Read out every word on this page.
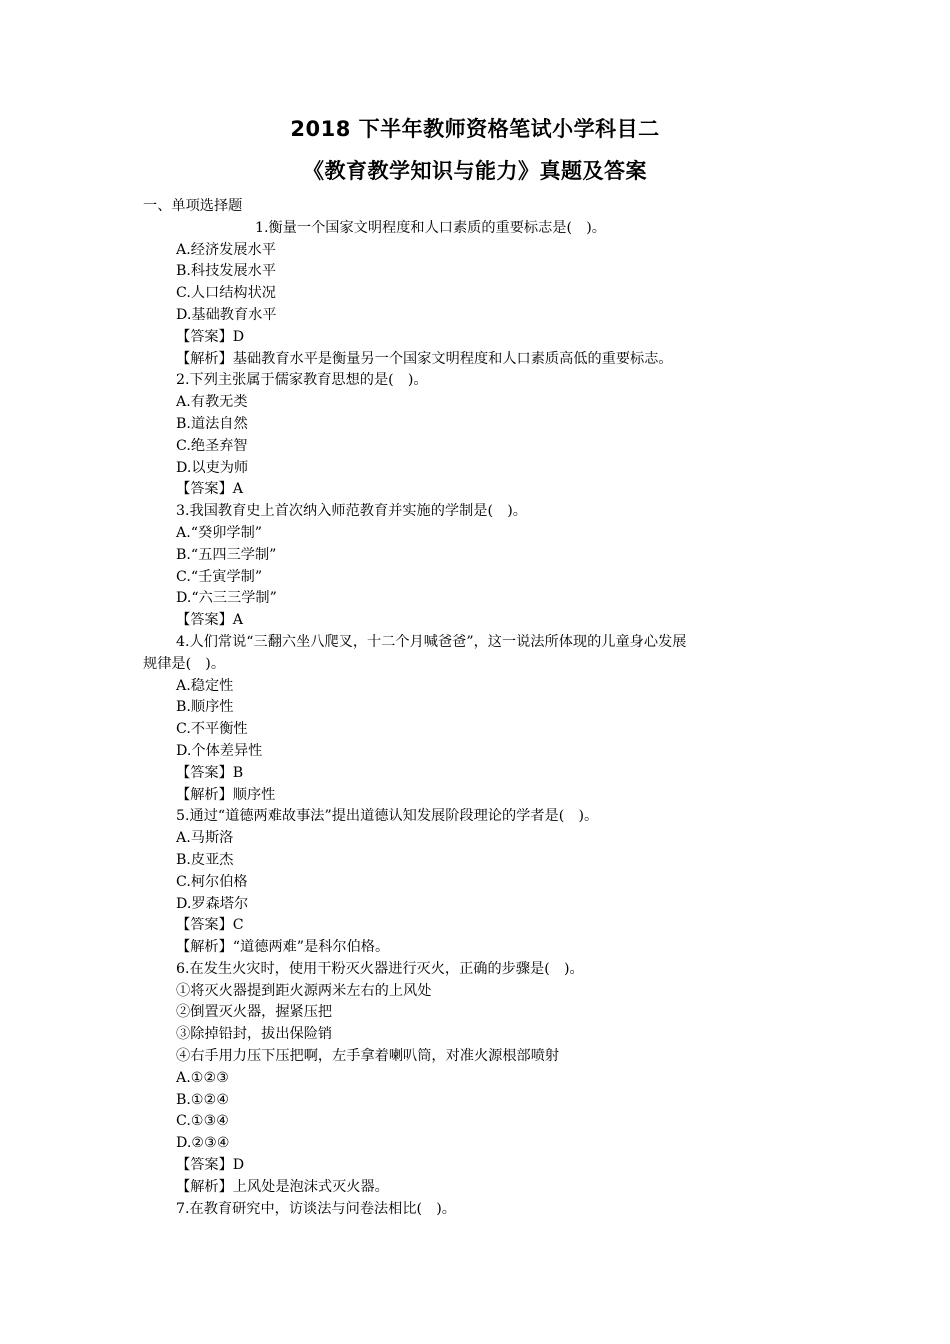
2018 下半年教师资格笔试小学科目二
《教育教学知识与能力》真题及答案
一、单项选择题
1.衡量一个国家文明程度和人口素质的重要标志是(　)。
A.经济发展水平
B.科技发展水平
C.人口结构状况
D.基础教育水平
【答案】D
【解析】基础教育水平是衡量另一个国家文明程度和人口素质高低的重要标志。
2.下列主张属于儒家教育思想的是(　)。
A.有教无类
B.道法自然
C.绝圣弃智
D.以吏为师
【答案】A
3.我国教育史上首次纳入师范教育并实施的学制是(　)。
A.“癸卯学制”
B.“五四三学制”
C.“壬寅学制”
D.“六三三学制”
【答案】A
4.人们常说“三翻六坐八爬叉，十二个月喊爸爸”，这一说法所体现的儿童身心发展
规律是(　)。
A.稳定性
B.顺序性
C.不平衡性
D.个体差异性
【答案】B
【解析】顺序性
5.通过“道德两难故事法”提出道德认知发展阶段理论的学者是(　)。
A.马斯洛
B.皮亚杰
C.柯尔伯格
D.罗森塔尔
【答案】C
【解析】“道德两难”是科尔伯格。
6.在发生火灾时，使用干粉灭火器进行灭火，正确的步骤是(　)。
①将灭火器提到距火源两米左右的上风处
②倒置灭火器，握紧压把
③除掉铅封，拔出保险销
④右手用力压下压把啊，左手拿着喇叭筒，对准火源根部喷射
A.①②③
B.①②④
C.①③④
D.②③④
【答案】D
【解析】上风处是泡沫式灭火器。
7.在教育研究中，访谈法与问卷法相比(　)。
